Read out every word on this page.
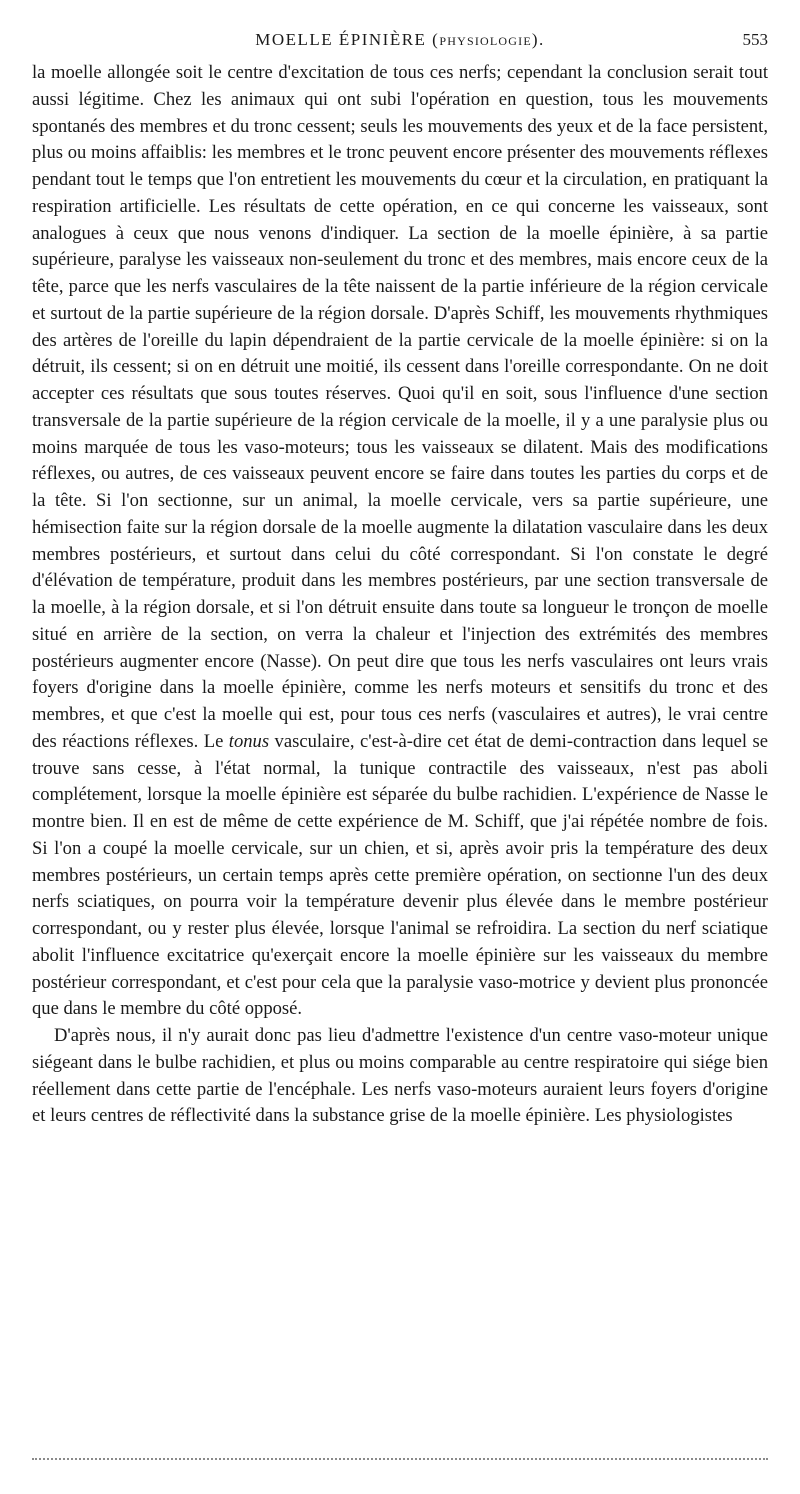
MOELLE ÉPINIÈRE (PHYSIOLOGIE).	553

la moelle allongée soit le centre d'excitation de tous ces nerfs; cependant la conclusion serait tout aussi légitime. Chez les animaux qui ont subi l'opération en question, tous les mouvements spontanés des membres et du tronc cessent; seuls les mouvements des yeux et de la face persistent, plus ou moins affaiblis: les membres et le tronc peuvent encore présenter des mouvements réflexes pendant tout le temps que l'on entretient les mouvements du cœur et la circulation, en pratiquant la respiration artificielle. Les résultats de cette opération, en ce qui concerne les vaisseaux, sont analogues à ceux que nous venons d'indiquer. La section de la moelle épinière, à sa partie supérieure, paralyse les vaisseaux non-seulement du tronc et des membres, mais encore ceux de la tête, parce que les nerfs vasculaires de la tête naissent de la partie inférieure de la région cervicale et surtout de la partie supérieure de la région dorsale. D'après Schiff, les mouvements rhythmiques des artères de l'oreille du lapin dépendraient de la partie cervicale de la moelle épinière: si on la détruit, ils cessent; si on en détruit une moitié, ils cessent dans l'oreille correspondante. On ne doit accepter ces résultats que sous toutes réserves. Quoi qu'il en soit, sous l'influence d'une section transversale de la partie supérieure de la région cervicale de la moelle, il y a une paralysie plus ou moins marquée de tous les vaso-moteurs; tous les vaisseaux se dilatent. Mais des modifications réflexes, ou autres, de ces vaisseaux peuvent encore se faire dans toutes les parties du corps et de la tête. Si l'on sectionne, sur un animal, la moelle cervicale, vers sa partie supérieure, une hémisection faite sur la région dorsale de la moelle augmente la dilatation vasculaire dans les deux membres postérieurs, et surtout dans celui du côté correspondant. Si l'on constate le degré d'élévation de température, produit dans les membres postérieurs, par une section transversale de la moelle, à la région dorsale, et si l'on détruit ensuite dans toute sa longueur le tronçon de moelle situé en arrière de la section, on verra la chaleur et l'injection des extrémités des membres postérieurs augmenter encore (Nasse). On peut dire que tous les nerfs vasculaires ont leurs vrais foyers d'origine dans la moelle épinière, comme les nerfs moteurs et sensitifs du tronc et des membres, et que c'est la moelle qui est, pour tous ces nerfs (vasculaires et autres), le vrai centre des réactions réflexes. Le tonus vasculaire, c'est-à-dire cet état de demi-contraction dans lequel se trouve sans cesse, à l'état normal, la tunique contractile des vaisseaux, n'est pas aboli complétement, lorsque la moelle épinière est séparée du bulbe rachidien. L'expérience de Nasse le montre bien. Il en est de même de cette expérience de M. Schiff, que j'ai répétée nombre de fois. Si l'on a coupé la moelle cervicale, sur un chien, et si, après avoir pris la température des deux membres postérieurs, un certain temps après cette première opération, on sectionne l'un des deux nerfs sciatiques, on pourra voir la température devenir plus élevée dans le membre postérieur correspondant, ou y rester plus élevée, lorsque l'animal se refroidira. La section du nerf sciatique abolit l'influence excitatrice qu'exerçait encore la moelle épinière sur les vaisseaux du membre postérieur correspondant, et c'est pour cela que la paralysie vaso-motrice y devient plus prononcée que dans le membre du côté opposé.

D'après nous, il n'y aurait donc pas lieu d'admettre l'existence d'un centre vaso-moteur unique siégeant dans le bulbe rachidien, et plus ou moins comparable au centre respiratoire qui siége bien réellement dans cette partie de l'encéphale. Les nerfs vaso-moteurs auraient leurs foyers d'origine et leurs centres de réflectivité dans la substance grise de la moelle épinière. Les physiologistes
